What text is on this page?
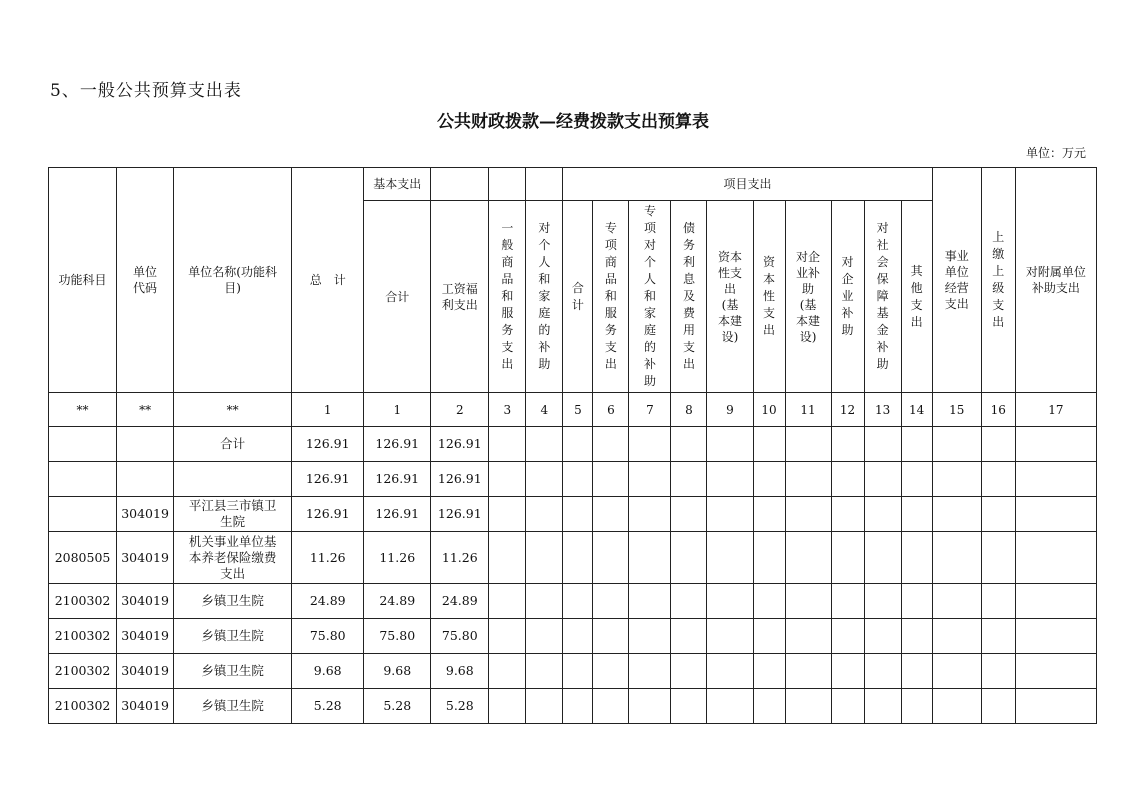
5、一般公共预算支出表
公共财政拨款—经费拨款支出预算表
单位：万元
功能科目	单位代码	单位名称(功能科目)	总　计	基本支出				项目支出										事业单位经营支出	上缴上级支出	对附属单位补助支出

				合计	工资福利支出	一般商品和服务支出	对个人和家庭的补助	合计	专项商品和服务支出	专项对个人和家庭的补助	债务利息及费用支出	资本性支出(基本建设)	资本性支出	对企业补助(基本建设)	对企业补助	对社会保障基金补助	其他支出			
**	**	**	1	1	2	3	4	5	6	7	8	9	10	11	12	13	14	15	16	17
		合计	126.91	126.91	126.91															
			126.91	126.91	126.91															
	304019	平江县三市镇卫生院	126.91	126.91	126.91															
2080505	304019	机关事业单位基本养老保险缴费支出	11.26	11.26	11.26															
2100302	304019	乡镇卫生院	24.89	24.89	24.89															
2100302	304019	乡镇卫生院	75.80	75.80	75.80															
2100302	304019	乡镇卫生院	9.68	9.68	9.68															
2100302	304019	乡镇卫生院	5.28	5.28	5.28															
